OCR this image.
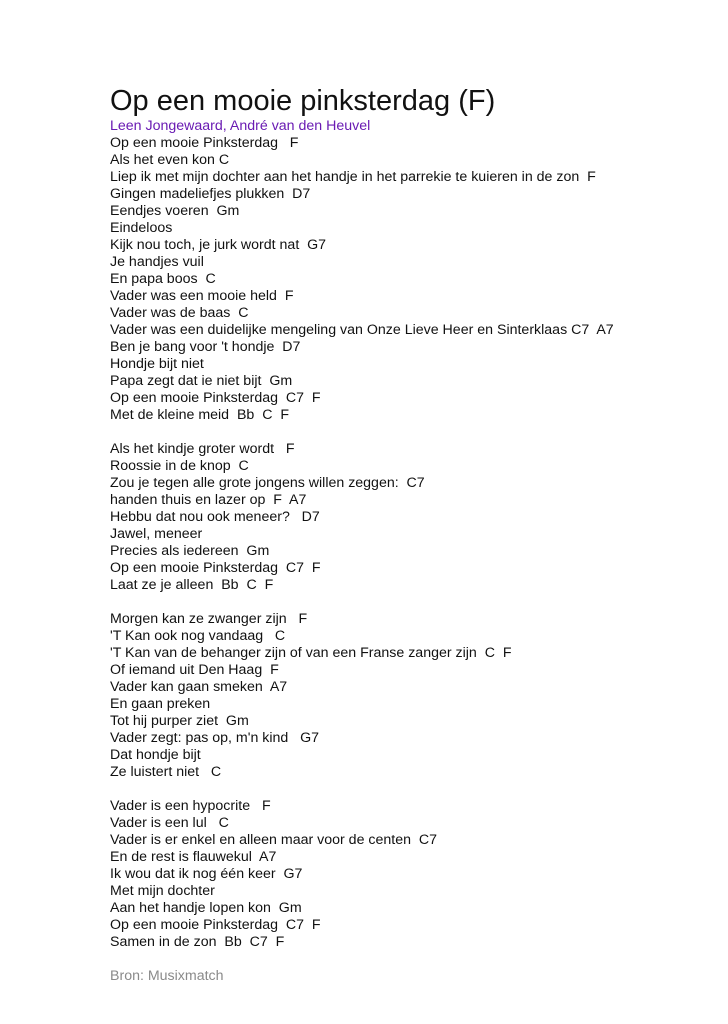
Op een mooie pinksterdag (F)
Leen Jongewaard, André van den Heuvel
Op een mooie Pinksterdag   F
Als het even kon C
Liep ik met mijn dochter aan het handje in het parrekie te kuieren in de zon  F
Gingen madeliefjes plukken  D7
Eendjes voeren  Gm
Eindeloos
Kijk nou toch, je jurk wordt nat  G7
Je handjes vuil
En papa boos  C
Vader was een mooie held  F
Vader was de baas  C
Vader was een duidelijke mengeling van Onze Lieve Heer en Sinterklaas C7  A7
Ben je bang voor 't hondje  D7
Hondje bijt niet
Papa zegt dat ie niet bijt  Gm
Op een mooie Pinksterdag  C7  F
Met de kleine meid  Bb  C  F
Als het kindje groter wordt   F
Roossie in de knop  C
Zou je tegen alle grote jongens willen zeggen:  C7
handen thuis en lazer op  F  A7
Hebbu dat nou ook meneer?   D7
Jawel, meneer
Precies als iedereen  Gm
Op een mooie Pinksterdag  C7  F
Laat ze je alleen  Bb  C  F
Morgen kan ze zwanger zijn   F
'T Kan ook nog vandaag   C
'T Kan van de behanger zijn of van een Franse zanger zijn  C  F
Of iemand uit Den Haag  F
Vader kan gaan smeken  A7
En gaan preken
Tot hij purper ziet  Gm
Vader zegt: pas op, m'n kind   G7
Dat hondje bijt
Ze luistert niet   C
Vader is een hypocrite   F
Vader is een lul   C
Vader is er enkel en alleen maar voor de centen  C7
En de rest is flauwekul  A7
Ik wou dat ik nog één keer  G7
Met mijn dochter
Aan het handje lopen kon  Gm
Op een mooie Pinksterdag  C7  F
Samen in de zon  Bb  C7  F
Bron: Musixmatch
